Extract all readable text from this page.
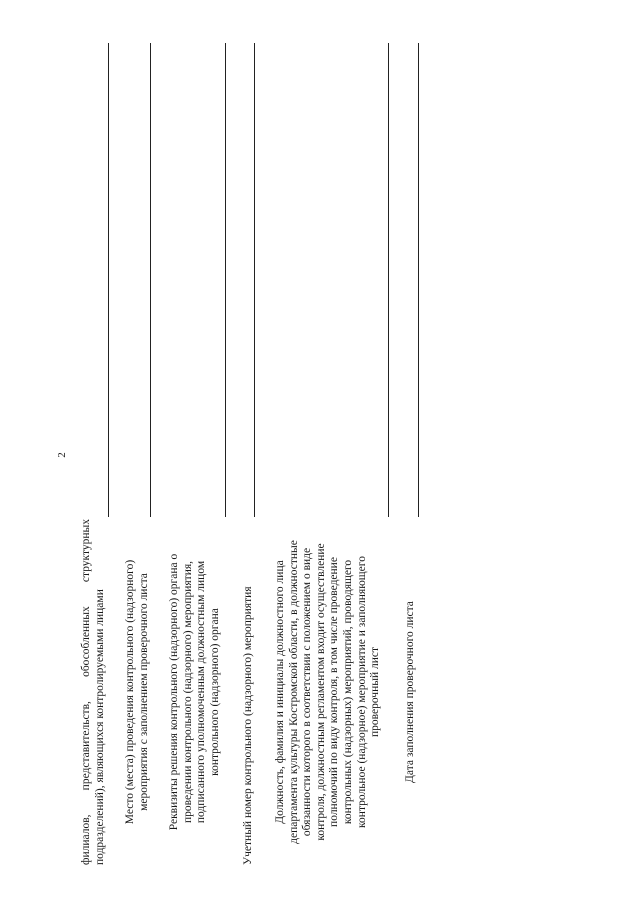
2

филиалов, представительств, обособленных структурных подразделений), являющихся контролируемыми лицами Место (места) проведения контрольного (надзорного) мероприятия с заполнением проверочного листа Реквизиты решения контрольного (надзорного) органа о проведении контрольного (надзорного) мероприятия, подписанного уполномоченным должностным лицом контрольного (надзорного) органа Учетный номер контрольного (надзорного) мероприятия Должность, фамилия и инициалы должностного лица департамента культуры Костромской области, в должностные обязанности которого в соответствии с положением о виде контроля, должностным регламентом входит осуществление полномочий по виду контроля, в том числе проведение контрольных (надзорных) мероприятий, проводящего контрольное (надзорное) мероприятие и заполняющего проверочный лист Дата заполнения проверочного листа
